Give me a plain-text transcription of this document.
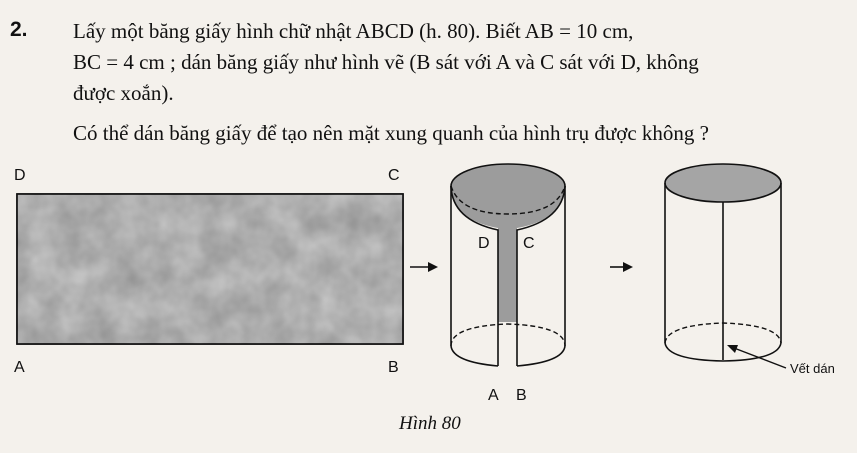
2. Lấy một băng giấy hình chữ nhật ABCD (h. 80). Biết AB = 10 cm,

BC = 4 cm ; dán băng giấy như hình vẽ (B sát với A và C sát với D, không

được xoắn).

Có thể dán băng giấy để tạo nên mặt xung quanh của hình trụ được không ?

D	C
A	B
D C
A B
Vết dán
Hình 80
